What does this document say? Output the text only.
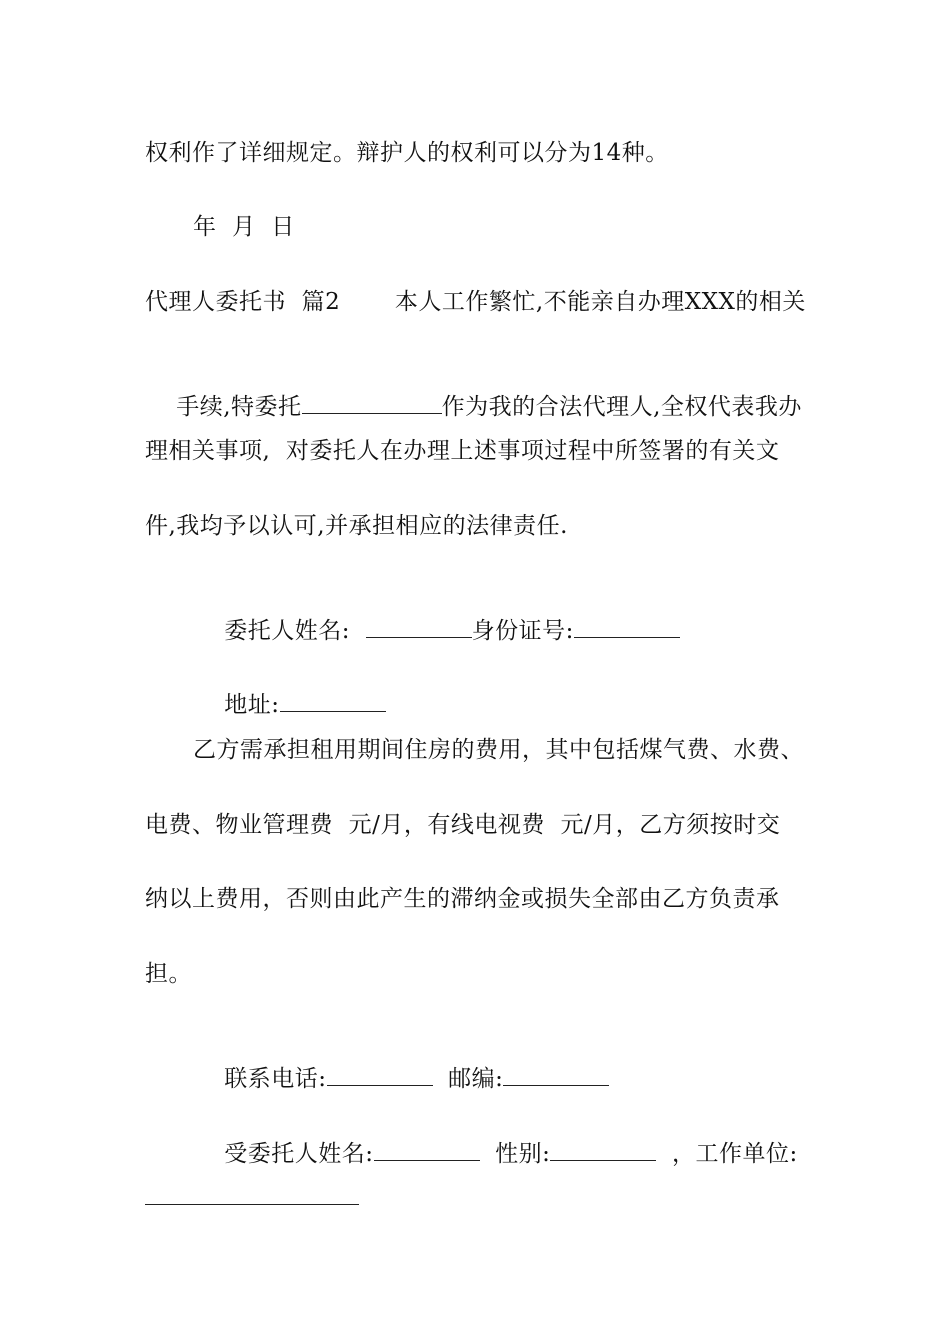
权利作了详细规定。辩护人的权利可以分为14种。
年  月  日
代理人委托书  篇2       本人工作繁忙,不能亲自办理XXX的相关

手续,特委托	作为我的合法代理人,全权代表我办

理相关事项,  对委托人在办理上述事项过程中所签署的有关文
件,我均予以认可,并承担相应的法律责任.

委托人姓名:	身份证号:

地址:

乙方需承担租用期间住房的费用，其中包括煤气费、水费、
电费、物业管理费  元/月，有线电视费  元/月，乙方须按时交
纳以上费用，否则由此产生的滞纳金或损失全部由乙方负责承
担。

联系电话:	邮编:

受委托人姓名:	性别:	，工作单位:
